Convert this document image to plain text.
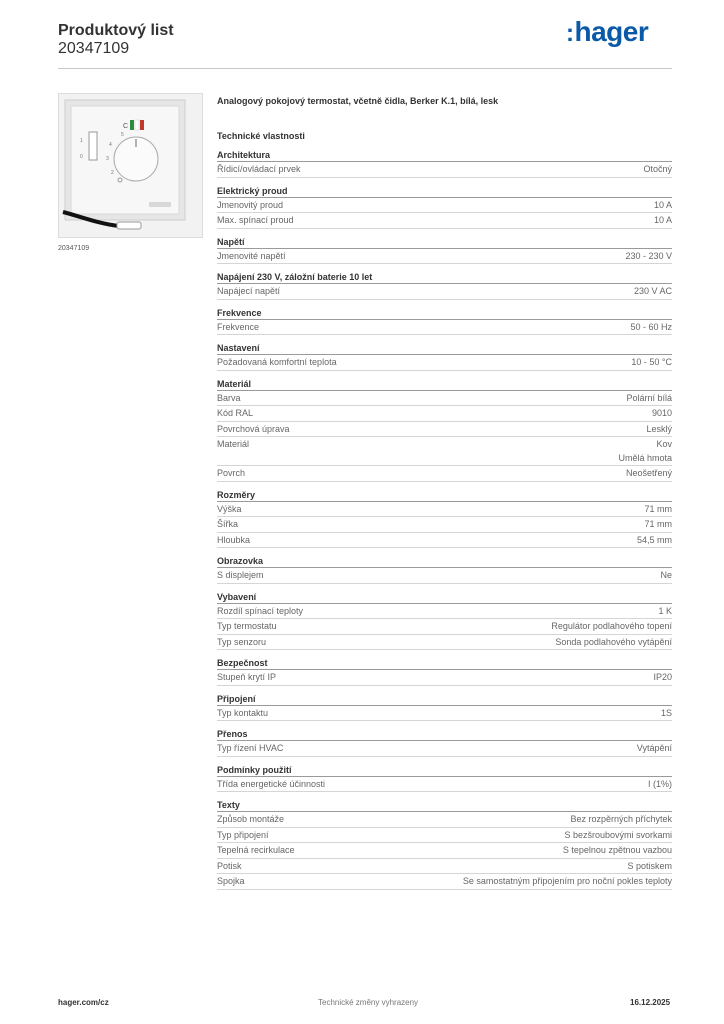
Produktový list
20347109
:hager
1
0
C
4
3
2
5
20347109
Analogový pokojový termostat, včetně čidla, Berker K.1, bílá, lesk
Technické vlastnosti
Architektura
Řídicí/ovládací prvek	Otočný
Elektrický proud
Jmenovitý proud	10 A
Max. spínací proud	10 A
Napětí
Jmenovité napětí	230 - 230 V
Napájení 230 V, záložní baterie 10 let
Napájecí napětí	230 V AC
Frekvence
Frekvence	50 - 60 Hz
Nastavení
Požadovaná komfortní teplota	10 - 50 °C
Materiál
Barva	Polární bílá
Kód RAL	9010
Povrchová úprava	Lesklý
Materiál	Kov
Umělá hmota
Povrch	Neošetřený
Rozměry
Výška	71 mm
Šířka	71 mm
Hloubka	54,5 mm
Obrazovka
S displejem	Ne
Vybavení
Rozdíl spínací teploty	1 K
Typ termostatu	Regulátor podlahového topení
Typ senzoru	Sonda podlahového vytápění
Bezpečnost
Stupeň krytí IP	IP20
Připojení
Typ kontaktu	1S
Přenos
Typ řízení HVAC	Vytápění
Podmínky použití
Třída energetické účinnosti	I (1%)
Texty
Způsob montáže	Bez rozpěrných příchytek
Typ připojení	S bezšroubovými svorkami
Tepelná recirkulace	S tepelnou zpětnou vazbou
Potisk	S potiskem
Spojka	Se samostatným připojením pro noční pokles teploty
hager.com/cz	Technické změny vyhrazeny	16.12.2025
